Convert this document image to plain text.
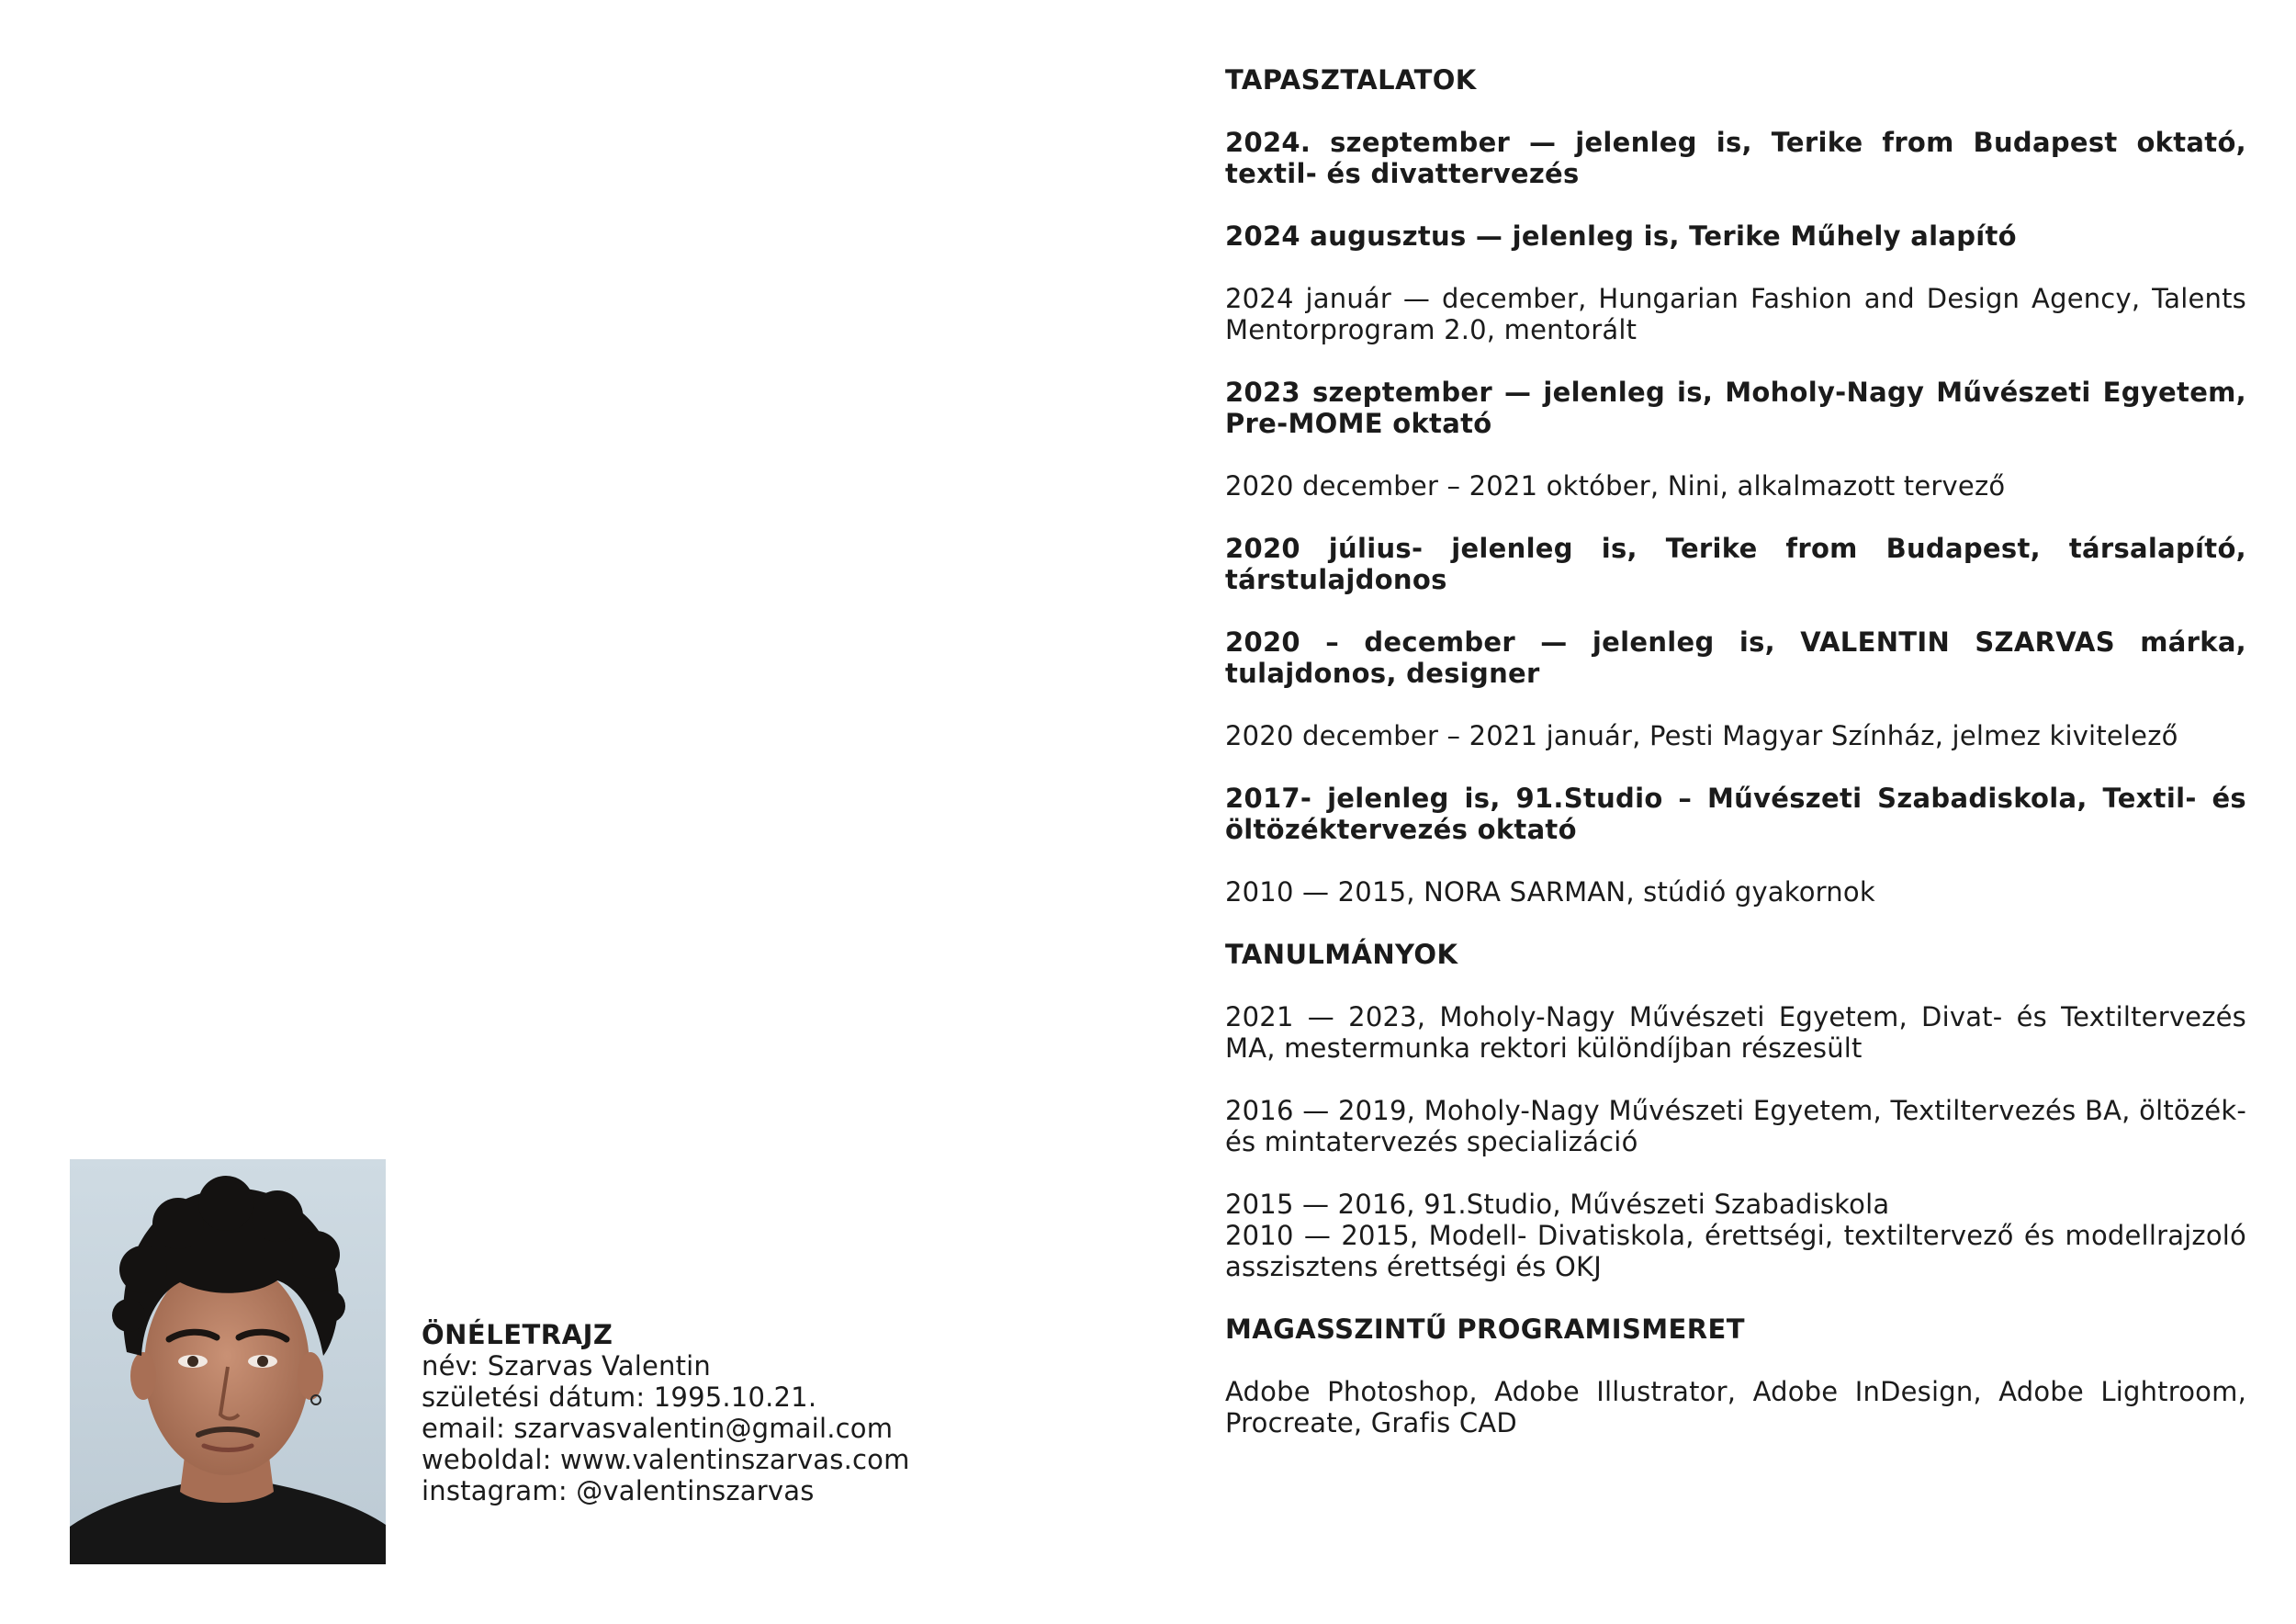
ÖNÉLETRAJZ
név: Szarvas Valentin
születési dátum: 1995.10.21.
email: szarvasvalentin@gmail.com
weboldal: www.valentinszarvas.com
instagram: @valentinszarvas
TAPASZTALATOK
2024. szeptember — jelenleg is, Terike from Budapest oktató, textil- és divattervezés
2024 augusztus — jelenleg is, Terike Műhely alapító
2024 január — december, Hungarian Fashion and Design Agency, Talents Mentorprogram 2.0, mentorált
2023 szeptember — jelenleg is, Moholy-Nagy Művészeti Egyetem, Pre-MOME oktató
2020 december – 2021 október, Nini, alkalmazott tervező
2020 július- jelenleg is, Terike from Budapest, társalapító, társtulajdonos
2020 – december — jelenleg is, VALENTIN SZARVAS márka, tulajdonos, designer
2020 december – 2021 január, Pesti Magyar Színház, jelmez kivitelező
2017- jelenleg is, 91.Studio – Művészeti Szabadiskola, Textil- és öltözéktervezés oktató
2010 — 2015, NORA SARMAN, stúdió gyakornok
TANULMÁNYOK
2021 — 2023, Moholy-Nagy Művészeti Egyetem, Divat- és Textiltervezés MA, mestermunka rektori különdíjban részesült
2016 — 2019, Moholy-Nagy Művészeti Egyetem, Textiltervezés BA, öltözék- és mintatervezés specializáció
2015 — 2016, 91.Studio, Művészeti Szabadiskola
2010 — 2015, Modell- Divatiskola, érettségi, textiltervező és modellrajzoló asszisztens érettségi és OKJ
MAGASSZINTŰ PROGRAMISMERET
Adobe Photoshop, Adobe Illustrator, Adobe InDesign, Adobe Lightroom, Procreate, Grafis CAD
